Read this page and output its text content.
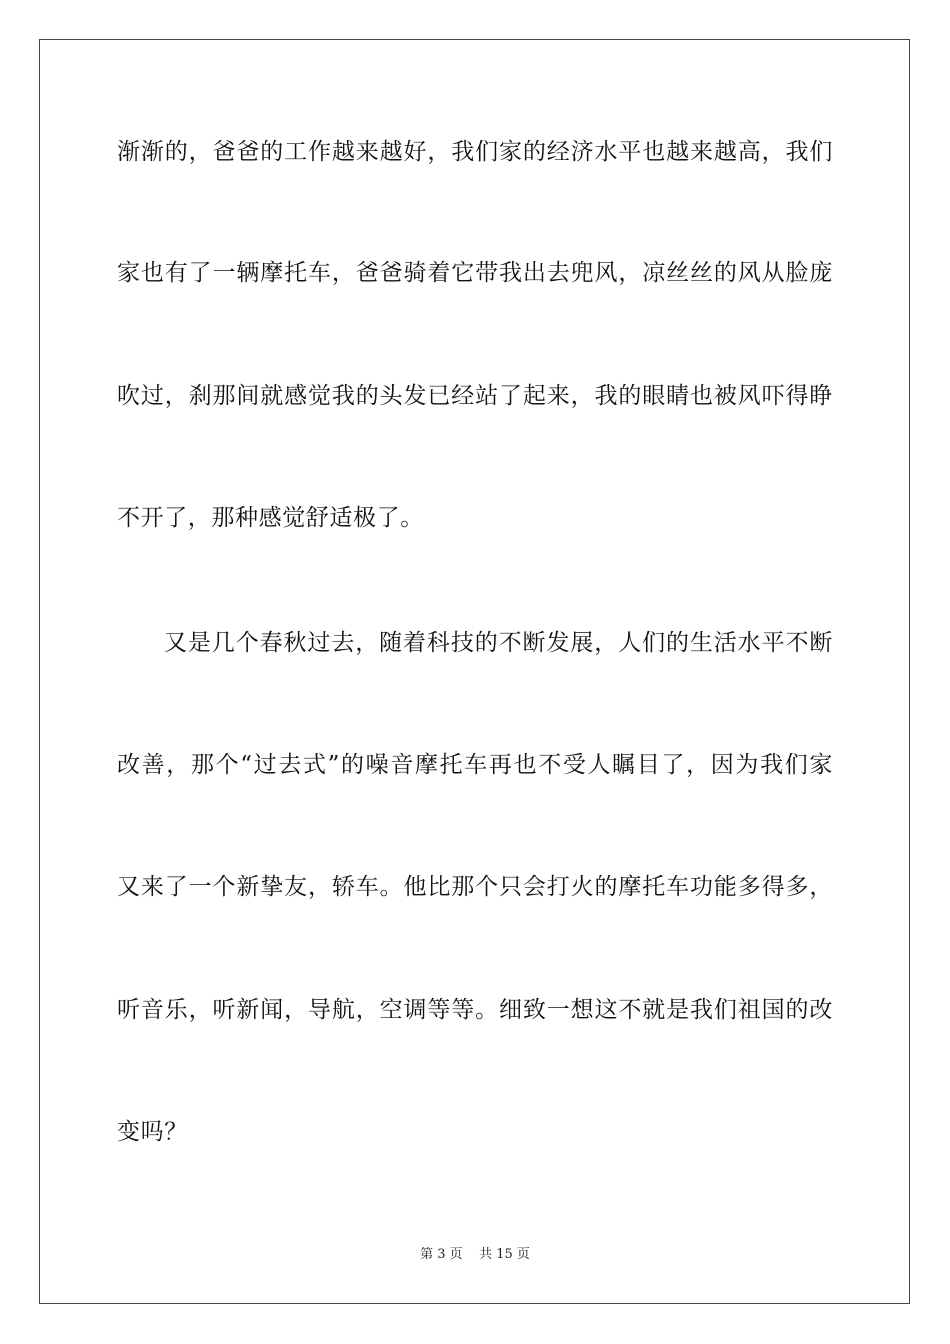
渐渐的，爸爸的工作越来越好，我们家的经济水平也越来越高，我们
家也有了一辆摩托车，爸爸骑着它带我出去兜风，凉丝丝的风从脸庞
吹过，刹那间就感觉我的头发已经站了起来，我的眼睛也被风吓得睁
不开了，那种感觉舒适极了。
又是几个春秋过去，随着科技的不断发展，人们的生活水平不断
改善，那个“过去式”的噪音摩托车再也不受人瞩目了，因为我们家
又来了一个新挚友，轿车。他比那个只会打火的摩托车功能多得多，
听音乐，听新闻，导航，空调等等。细致一想这不就是我们祖国的改
变吗？
第 3 页    共 15 页
